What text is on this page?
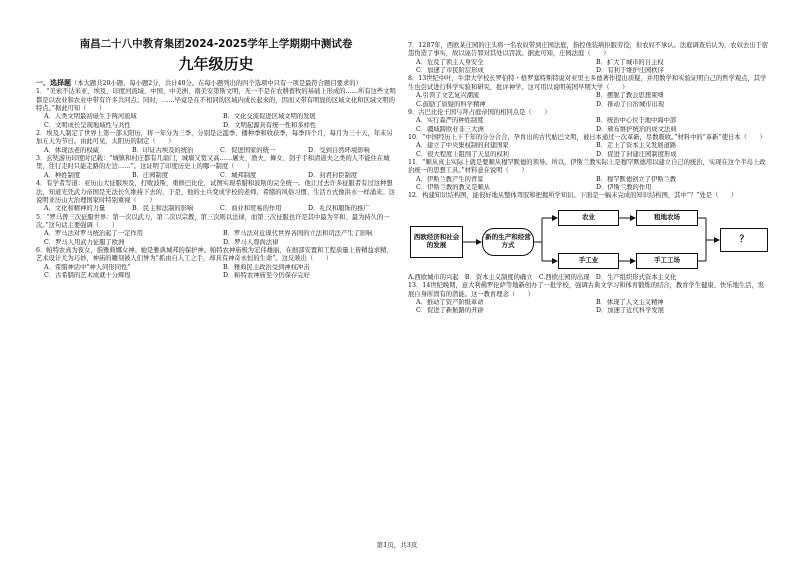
南昌二十八中教育集团2024-2025学年上学期期中测试卷
九年级历史
一、选择题（本大题共20小题，每小题2分，共计40分。在每小题列出的四个选项中只有一项是最符合题目要求的）
1．“美索不达米亚、埃及、印度河流域、中国、中美洲、南美安第斯文明，无一不是在农耕畜牧的基础上形成的……所有这些文明都是以农业和农业中带有许多共同点；同时，……毕竟是在不相同的区域内成长起来的，因而又带有明显的区域文化和区域文明的特点。”据此可知（　　）
A．人类文明最初诞生于两河流域	B．文化交流促进区域文明的发展
C．文明成长呈现地域性与共性	D．文明起源具有统一性和多样性
2．埃及人制定了世界上第一部太阳历，将一年分为三季，分别是泛滥季、播种季和收获季，每季四个月，每月为三十天，年末另加五天为节日。由此可见，太阳历的制定（　　）
A．体现法老的权威	B．印证古埃及的统治	C．促进国家的统一	D．受到自然环境影响
3．玄奘游历印度时记载：“城镇和村庄都有几扇门，城墙又宽又高……屠夫、渔夫、舞女、刽子手和清道夫之类的人不能住在城里，往行走时只能走路的左边……”。这证明了印度历史上的哪一制度（　　）
A．种姓制度	B．庄园制度	C．城邦制度	D．封君封臣制度
4．有学者写道：亚历山大征服埃及，打败波斯，重修巴比伦，试图实现希腊和波斯的完全统一。他让过去许多征服者有过这种想法，知道光凭武力帝国是无法长久维持下去的，于是，他的士兵变成学校的老师，希腊的风俗习惯、生活方式像洪水一样涌来。这说明亚历山大治理国家时特别重视（　　）
A．文化和精神的力量	B．民主和法制的影响	C．商业和贸易的作用	D．礼仪和服饰的推广
5．“罗马曾三次征服世界：第一次以武力，第二次以宗教，第三次则以法律，而第三次征服也许是其中最为平和、最为持久的一次。”这句话主要强调（　　）
A．罗马法对罗马统治起了一定作用	B．罗马法对近现代世界各国的立法和司法产生了影响
C．罗马人用武力征服了欧洲	D．罗马人尊尚法律
6．帕特农真为夜女，指雅典娜女神。她是雅典城邦的保护神。帕特农神庙极为宏伟雄丽，在细部安置和工程质量上皆精益求精，艺术设计尤为巧妙，神庙的雕刻被人们誉为“抓由自人工之手，却具有神奇永恒的生命”。这反映出（　　）
A．希腊神话中“神人同形同性”	B．雅典民主政治受到神权冲击
C．古希腊的艺术成就十分辉煌	D．帕特农神庙至今仍保存完好
7．1287年，西欧某庄园的庄头将一名农奴带到庄园法庭，指控他装病拒服劳役，但农奴不承认。法庭调查后认为，农奴去出于宿怨伪造了事实，故以诬告罪对其处以罚款。据此可知，庄园法庭（　　）
A．危及了领主人身安全	B．扩大了城市的自主权
C．加速了市民阶层形成	D．有利于维护庄园秩序
8．13世纪中叶，牛津大学校长罗伯特・格罗塞特斯特说对亚里士多德著作提出质疑，并用数学和实验证明自己的哲学观点，其学生也尝试进行科学实验和研究，批评神学。这可用以说明英国早期大学（　　）
A.引领了文艺复兴潮流	B．摆脱了教会思想束缚
C.鼓励了质疑的科学精神	D．推动了自治城市出现
9．古巴比伦王国与拜占庭帝国的相同点是（　　）
A．实行森严的种姓制度	B．统治中心位于地中海中部
C．疆域跨欧亚非三大洲	D．颁布维护统治的成文法典
10．“中国经历上下千年的分分合合，孕育出的古代帖巴文明，被日本通过一次革新，尽数吸收。”材料中的“革新”使日本（　　）
A．建立了中央集权制的封建国家	B．走上了资本主义发展道路
C．很大程度上阻削了天皇的权利	D．促进了封建庄园制度形成
11．“顺从真主实际上就是要顺从穆罕默德的领导。所以，伊斯兰教实际上是穆罕默德用以建立自己的统治，实现在这个半岛上政治统一的思想工具。”材料意在说明（　　）
A．伊斯兰教产生的背景	B．穆罕默德创立了伊斯兰教
C．伊斯兰教的教义是顺从	D．伊斯兰教的作用
12．构建知识结构图，能很好地从整体驾驭和把握所学知识。下面是一幅未完成的知识结构图，其中“？”处是（　　）
西欧经济和社会的发展
新的生产和经营方式
农业	租地农场
手工业	手工工场
？
A.西欧城市的兴起　B．资本主义制度的确立　C.西欧庄园的出现　D．生产组织形式资本主义化
13．14世纪晚期，意大利佛罗伦萨等地新创办了一批学校，强调古典文学习和体育锻炼的结合，教育学生健康、快乐地生活，发展自身所固有的潜能。这一教育理念（　　）
A．推动了资产阶级革命	B．体现了人文主义精神
C．促进了新航路的开辟	D．加速了近代科学发展
第1页，共3页
